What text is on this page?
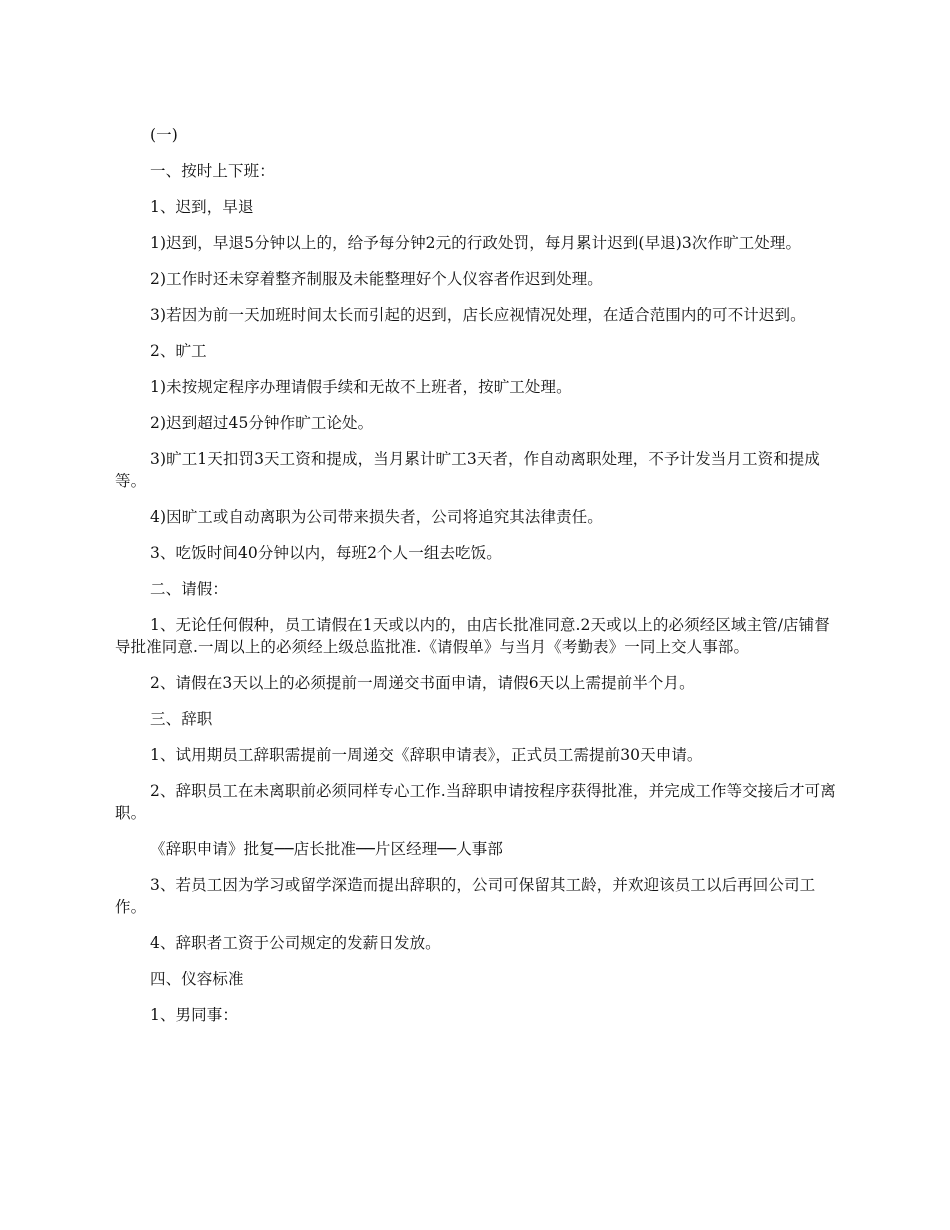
(一)

一、按时上下班：

1、迟到，早退

1)迟到，早退5分钟以上的，给予每分钟2元的行政处罚，每月累计迟到(早退)3次作旷工处理。

2)工作时还未穿着整齐制服及未能整理好个人仪容者作迟到处理。

3)若因为前一天加班时间太长而引起的迟到，店长应视情况处理，在适合范围内的可不计迟到。

2、旷工

1)未按规定程序办理请假手续和无故不上班者，按旷工处理。

2)迟到超过45分钟作旷工论处。

3)旷工1天扣罚3天工资和提成，当月累计旷工3天者，作自动离职处理，不予计发当月工资和提成等。

4)因旷工或自动离职为公司带来损失者，公司将追究其法律责任。

3、吃饭时间40分钟以内，每班2个人一组去吃饭。

二、请假：

1、无论任何假种，员工请假在1天或以内的，由店长批准同意.2天或以上的必须经区域主管/店铺督导批准同意.一周以上的必须经上级总监批准.《请假单》与当月《考勤表》一同上交人事部。

2、请假在3天以上的必须提前一周递交书面申请，请假6天以上需提前半个月。

三、辞职

1、试用期员工辞职需提前一周递交《辞职申请表》，正式员工需提前30天申请。

2、辞职员工在未离职前必须同样专心工作.当辞职申请按程序获得批准，并完成工作等交接后才可离职。

《辞职申请》批复──店长批准──片区经理──人事部

3、若员工因为学习或留学深造而提出辞职的，公司可保留其工龄，并欢迎该员工以后再回公司工作。

4、辞职者工资于公司规定的发薪日发放。

四、仪容标准

1、男同事：
